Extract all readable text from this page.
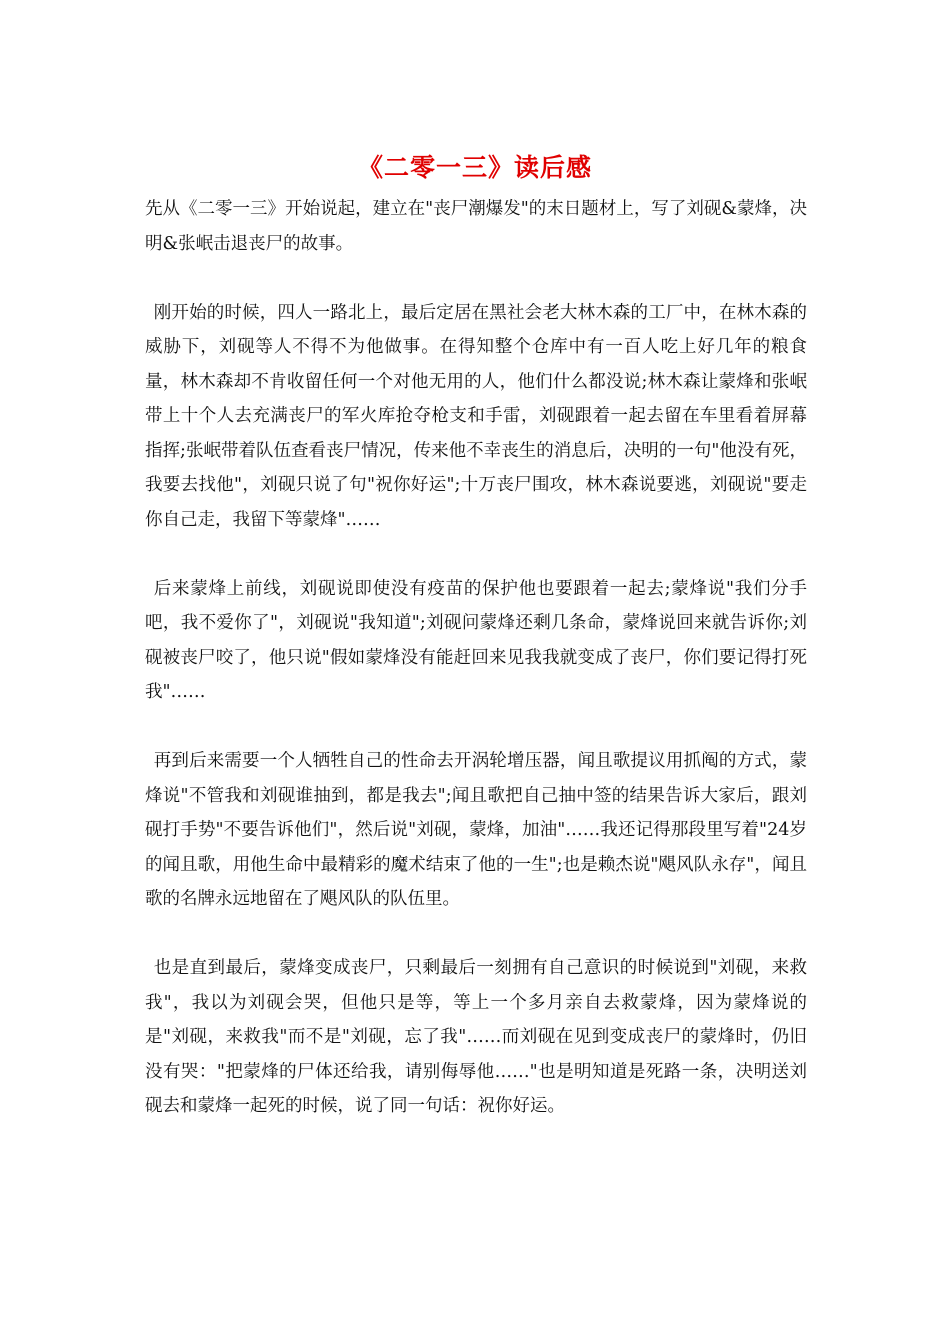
《二零一三》读后感

先从《二零一三》开始说起，建立在"丧尸潮爆发"的末日题材上，写了刘砚&蒙烽，决明&张岷击退丧尸的故事。

刚开始的时候，四人一路北上，最后定居在黑社会老大林木森的工厂中，在林木森的威胁下，刘砚等人不得不为他做事。在得知整个仓库中有一百人吃上好几年的粮食量，林木森却不肯收留任何一个对他无用的人，他们什么都没说;林木森让蒙烽和张岷带上十个人去充满丧尸的军火库抢夺枪支和手雷，刘砚跟着一起去留在车里看着屏幕指挥;张岷带着队伍查看丧尸情况，传来他不幸丧生的消息后，决明的一句"他没有死，我要去找他"，刘砚只说了句"祝你好运";十万丧尸围攻，林木森说要逃，刘砚说"要走你自己走，我留下等蒙烽"……

后来蒙烽上前线，刘砚说即使没有疫苗的保护他也要跟着一起去;蒙烽说"我们分手吧，我不爱你了"，刘砚说"我知道";刘砚问蒙烽还剩几条命，蒙烽说回来就告诉你;刘砚被丧尸咬了，他只说"假如蒙烽没有能赶回来见我我就变成了丧尸，你们要记得打死我"……

再到后来需要一个人牺牲自己的性命去开涡轮增压器，闻且歌提议用抓阄的方式，蒙烽说"不管我和刘砚谁抽到，都是我去";闻且歌把自己抽中签的结果告诉大家后，跟刘砚打手势"不要告诉他们"，然后说"刘砚，蒙烽，加油"……我还记得那段里写着"24岁的闻且歌，用他生命中最精彩的魔术结束了他的一生";也是赖杰说"飓风队永存"，闻且歌的名牌永远地留在了飓风队的队伍里。

也是直到最后，蒙烽变成丧尸，只剩最后一刻拥有自己意识的时候说到"刘砚，来救我"，我以为刘砚会哭，但他只是等，等上一个多月亲自去救蒙烽，因为蒙烽说的是"刘砚，来救我"而不是"刘砚，忘了我"……而刘砚在见到变成丧尸的蒙烽时，仍旧没有哭："把蒙烽的尸体还给我，请别侮辱他……"也是明知道是死路一条，决明送刘砚去和蒙烽一起死的时候，说了同一句话：祝你好运。
